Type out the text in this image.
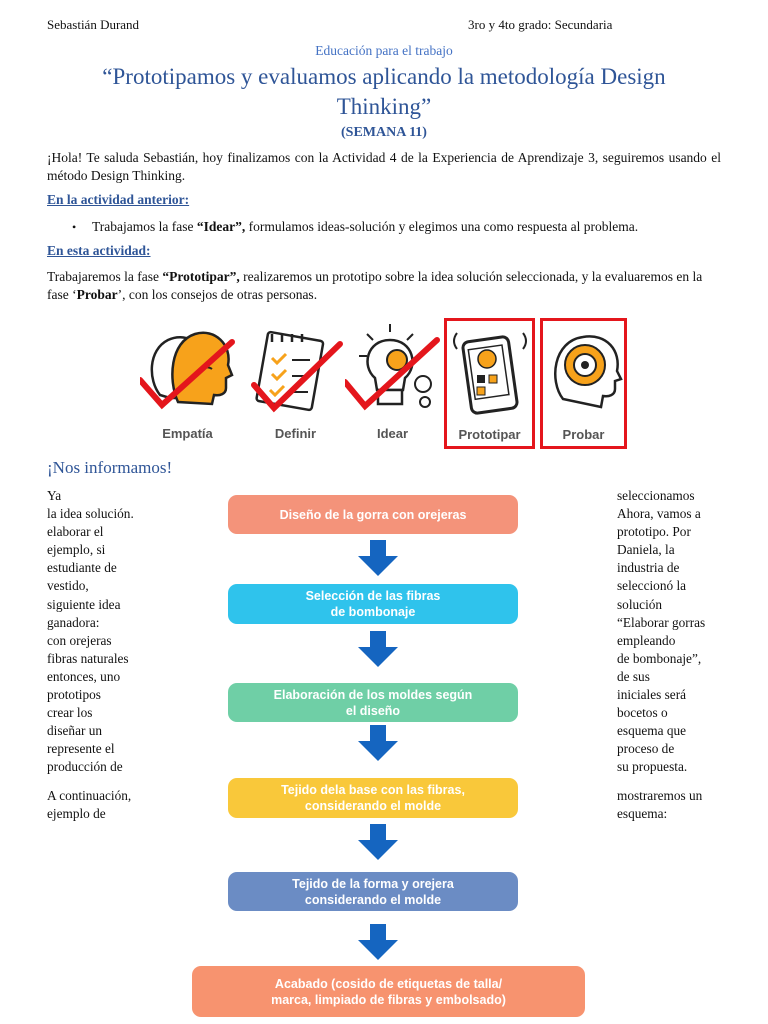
Sebastián Durand	3ro y 4to grado: Secundaria
Educación para el trabajo
“Prototipamos y evaluamos aplicando la metodología Design
Thinking”
(SEMANA 11)
¡Hola! Te saluda Sebastián, hoy finalizamos con la Actividad 4 de la Experiencia de Aprendizaje 3, seguiremos usando el método Design Thinking.
En la actividad anterior:
•	Trabajamos la fase “Idear”, formulamos ideas-solución y elegimos una como respuesta al problema.
En esta actividad:
Trabajaremos la fase “Prototipar”, realizaremos un prototipo sobre la idea solución seleccionada, y la evaluaremos en la fase ‘Probar’, con los consejos de otras personas.
Empatía	Definir	Idear	Prototipar	Probar
¡Nos informamos!
Ya
la idea solución.
elaborar el
ejemplo, si
estudiante de
vestido,
siguiente idea
ganadora:
con orejeras
fibras naturales
entonces, uno
prototipos
crear los
diseñar un
represente el
producción de
seleccionamos
Ahora, vamos a
prototipo. Por
Daniela, la
industria de
seleccionó la
solución
“Elaborar gorras
empleando
de bombonaje”,
de sus
iniciales será
bocetos o
esquema que
proceso de
su propuesta.
A continuación,
ejemplo de
mostraremos un
esquema:
Diseño de la gorra con orejeras
Selección de las fibras
de bombonaje
Elaboración de los moldes según
el diseño
Tejido dela base con las fibras,
considerando el molde
Tejido de la forma y orejera
considerando el molde
Acabado (cosido de etiquetas de talla/
marca, limpiado de fibras y embolsado)
